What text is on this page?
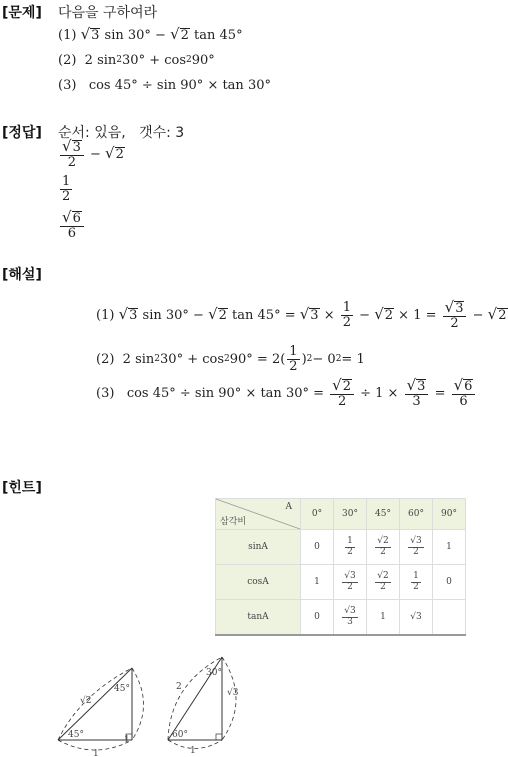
[문제] 다음을 구하여라
(1)
√ 3 sin 30° − √ 2 tan 45°
(2) 2 sin 2 30° + cos 2 90°
(3) cos 45° ÷ sin 90° × tan 30°
[정답] 순서: 있음,   갯수: 3
$\frac{√ 3}{2}$ − √ 2
$\frac{1}{2}$
$\frac{√ 6}{6}$
[해설]
(1)
√ 3 sin 30° − √ 2 tan 45° = √ $3 \times \frac{1}{2}$ − √ $2 \times 1 = \frac{√ 3}{2}$ − √ 2
(2) 2 sin 2 30° + cos 2 $90^\circ = 2( \frac{1}{2}$ ) 2 − 0 2 = 1
(3) $\cos 45^\circ \div \sin 90^\circ \times \tan 30^\circ = \frac{√ 2}{2} \div 1 \times \frac{√ 3}{3} = \frac{√ 6}{6}$
[힌트]
A
삼각비	0°	30°	45°	60°	90°
sinA	0	$\frac{1}{2}$	$\frac{√2}{2}$	$\frac{√3}{2}$	1
cosA	1	$\frac{√3}{2}$	$\frac{√2}{2}$	$\frac{1}{2}$	0
tanA	0	$\frac{√3}{3}$	1	√3	
√2
45°
45°	1
1
2
30°
√3
60°
1
